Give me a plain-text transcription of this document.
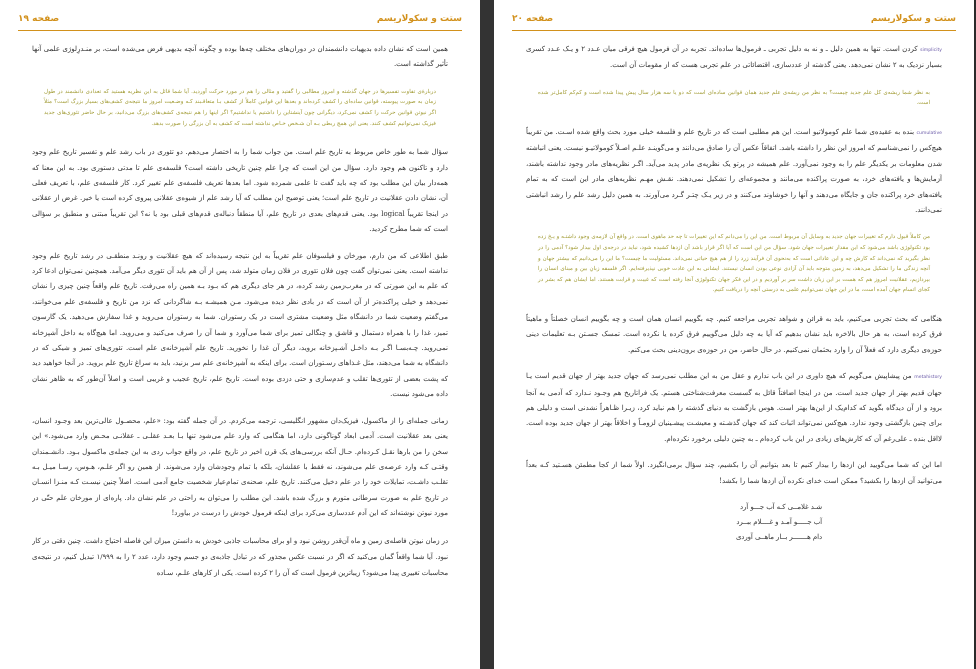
ستت و سکولاریسم
صفحه ۱۹

همین است که نشان داده بدیهیات دانشمندان در دوران‌های مختلف چه‌ها بوده و چگونه آنچه بدیهی فرض می‌شده است، بر منـدرِلوژی علمی آنها تأثیر گذاشته است.

دربارۀی تفاوت تفسیرها در جهان گذشته و امروز مطالبی را گفتید و مثالی را هم در مورد حرکت آوردید. آیا شما قائل به این نظریه هستید که تعداد‌ی دانشمند در طول زمان به صورت پیوسته، قوانین ساده‌ای را کشف کرده‌اند و بعدها این قوانین کاملاً از کشف بـا متعاقـبند کـه وضـعیت امروز ما نتیجه‌ی کشف‌های بسیار بزرگ است؟ مثلاً اگر نیوتن قوانین حرکت را کشف نمی‌کرد، دیگرانی چون آینشتاین را داشتیم یا نداشتیم؟ اگر اینها را هم نتیجه‌ی کشف‌های بزرگ می‌دانید، بر حال حاضر تئوری‌های جدید فیزیک نمی‌توانیم کشف کنند. یعنی این همچ ربطی بـه آن شـخص خـاص نداشته است که کشف به آن بزرگی را صورت بدهد.

سؤال شما به طور خاص مربوط به تاریخ علم است. من جواب شما را به اختصار می‌دهم. دو تئوری در باب رشد علم و تفسیر تاریخ علم وجود دارد و تاکنون هم وجود دارد. سؤال من این است که چرا علم چنین تاریخی داشته است؟ فلسفه‌ی علم تا مدتی دستوری بود. به این معنا که همه‌دار بیان این مطلب بود که چه باید گفت تا علمی شمرده شود. اما بعدها تعریف فلسفه‌ی علم تغییر کرد. کار فلسفه‌ی علم، با تعریف فعلی آن، نشان دادن عقلانیت در تاریخ علم است؛ یعنی توضیح این مطلب که آیا رشد علم از شیوه‌ی عقلانی پیروی کرده است یا خیر. غرض از عقلانی در اینجا تقریباً logical بود. یعنی قدم‌های بعدی در تاریخ علم، آیا منطقاً دنباله‌ی قدم‌های قبلی بود یا نه؟ این تقریباً مبتنی و منطبق بر سؤالی است که شما مطرح کردید.

طبق اطلاعی که من دارم، مورخان و فیلسوفان علم تقریباً به این نتیجه رسیده‌اند که هیچ عقلانیت و رونـد منطقـی در رشد تاریخ علم وجود نداشته است. یعنی نمی‌توان گفت چون فلان تئوری در فلان زمان متولد شد، پس از آن هم باید آن تئوری دیگر می‌آمد. همچنین نمی‌توان ادعا کرد که علم به این صورتی که در مغرب‌زمین رشد کرده، در هر جای دیگری هم که بـود بـه همین راه می‌رفت. تاریخ علم واقعاً چنین چیزی را نشان نمی‌دهد و خیلی پراکنده‌تر از آن است که در بادی نظر دیده می‌شود. مـن همیشـه بـه شاگردانی که نزد من تاریخ و فلسفه‌ی علم می‌خوانند، می‌گفتم وضعیت شما در دانشگاه مثل وضعیت مشتری است در یک رستوران. شما به رستوران می‌روید و غذا سفارش می‌دهید. یک گارسون تمیز، غذا را با همراه دستمال و قاشق و چنگالی تمیز برای شما می‌آورد و شما آن را صرف می‌کنید و می‌روید. اما هیچ‌گاه به داخل آشپزخانه نمی‌روید. چـه‌بسـا اگـر بـه داخـل آشـپزخانه بروید، دیگر آن غذا را نخورید. تاریخ علم آشپزخانه‌ی علم است. تئوری‌های تمیز و شیکی که در دانشگاه به شما می‌دهند، مثل غـذاهای رسـتوران است. برای اینکه به آشپزخانه‌ی علم سر بزنید، باید به سراغ تاریخ علم بروید. در آنجا خواهید دید که پشت بعضی از تئوری‌ها تقلب و عدم‌سازی و حتی دزدی بوده است. تاریخ علم، تاریخ عجیب و غریبی است و اصلاً آن‌طور که به ظاهر نشان داده می‌شود نیست.

زمانی جمله‌ای را از ماکسول، فیزیک‌دان مشهور انگلیسی، ترجمه می‌کردم. در آن جمله گفته بود: «علم، محصـول عالی‌ترین بعد وجـود انسان، یعنی بعد عقلانیت است. آدمی ابعاد گوناگونی دارد، اما هنگامی که وارد علم می‌شود تنها بـا بعـد عقلـی ـ عقلانـی محـض وارد می‌شود.» این سخن را من بارها نقـل کـرده‌ام. حـال آنکه بررسی‌های یک قرن اخیر در تاریخ علم، در واقع جواب ردی به این جمله‌ی ماکسول بـود. دانشـمندان وقتـی کـه وارد عرصه‌ی علم می‌شوند، نه فقط با عقلشان، بلکه با تمام وجودشان وارد می‌شوند. از همین رو اگر علـم، هـوس، رسـا میـل بـه تقلـب داشـت، تمایلات خود را در علم دخیل می‌کنند. تاریخ علم، صحنه‌ی تمام‌عیار شخصیت جامع آدمی است. اصلاً چنین نیسـت کـه منـزا انسـان در تاریخ علم به صورت سرطانی متورم و بزرگ شده باشد. این مطلب را می‌توان به راحتی در علم نشان داد. پاره‌ای از مورخان علم حتّی در مورد نیوتن نوشته‌اند که این آدم عددسازی می‌کرد برای اینکه فرمول خودش را درست در بیاورد!

در زمان نیوتن فاصله‌ی زمین و ماه آن‌قدر روشن نبود و او برای محاسبات جاذبی خودش به دانستن میزان این فاصله احتیاج داشت. چنین دقتی در کار نبود. آیا شما واقعاً گمان می‌کنید که اگر در نسبت عکس مجذور که در تبادل جاذبه‌ی دو جسم وجود دارد، عدد ۲ را به ۱/۹۹۹ تبدیل کنیم، در نتیجه‌ی محاسبات تغییری پیدا می‌شود؟ زیباترین فرمول است که آن را ۲ کرده است. یکی از کارهای علـم، سـاده

ستت و سکولاریسم
صفحه ۲۰

simplicity کردن است. تنها به همین دلیل ـ و نه به دلیل تجربی ـ فرمول‌ها ساده‌اند. تجربه در آن فرمول هیچ فرقی میان عـدد ۲ و یـک عـدد کسری بسیار نزدیک به ۲ نشان نمی‌دهد. یعنی گذشته از عددسازی، اقتضائاتی در علم تجربی هست که از مقومات آن است.

به نظر شما ریشه‌ی کل علم جدید چیست؟ به نظر من ریشه‌ی علم جدید همان قوانین ساده‌ای است که دو یا سه هزار سال پیش پیدا شده است و کم‌کم کامل‌تر شده است.

cumulative بنده به عقیده‌ی شما علم کومولاتیو است. این هم مطلبی است که در تاریخ علم و فلسفه خیلی مورد بحث واقع شده اسـت. من تقریباً هیچ‌کس را نمی‌شناسم که امروز این نظر را داشته باشد. اتفاقاً عکس آن را صادق می‌دانند و می‌گوینـد علـم اصـلاً کومولاتیـو نیست. یعنی انباشته شدن معلومات بر یکدیگر علم را به وجود نمی‌آورد. علم همیشه در پرتو یک نظریه‌ی مادر پدید می‌آید. اگـر نظریه‌های مادر وجود نداشته باشند، آزمایش‌ها و یافته‌های خرد، به صورت پراکنده می‌مانند و مجموعه‌ای را تشکیل نمی‌دهند. نقـش مهـم نظریه‌های مادر این است که به تمام یافته‌های خرد پراکنده جان و جایگاه می‌دهند و آنها را خوشاوند می‌کنند و در زیر یـک چتـر گـرد می‌آورند. به همین دلیل رشد علم را رشد انباشتی نمی‌دانند.

من کاملاً قبول دارم که تغییرات جهان جدید به وسایل آن مربوط است. من این را می‌دانم که این تغییرات تا چه حد ماهوی است. در واقع آن لازمه‌ی وجود داشتـه و یـخ زده بود تکنولوژی باشد می‌شود که این مقدار تغییرات جهان شود. سؤال من این است که آیا اگر قرار باشد آن ازدها کشیده شود، نباید در درجه‌ی اول بیدار شود؟ آدمی را در نظر بگیرید که نمی‌داند که کارش چه و این عاداتی است که به‌نحوی آن فرآیند زرد را از هم هیچ حیاتی نمی‌داند. مسئولیت ما چیست؟ ما این را می‌دانیم که بیشتر جهان و آنچه زندگی ما را تشکیل می‌دهد، به زمین متوجه باید آن آزادی نوعی بودن انسان نیستند. ایشانی به این عادت خوبی نپذیرفته‌ایم. اگر فلسفه زبانِ بین و مبنای انسان را بپردازیم، عقلانیت امروز هم که هست بر این زبان داشت سر بر آوردیم و در این فکر جهان تکنولوژی آنجا رفته است که غیبت و قرابت هستند. اما ایشان هم که بشر در کجای اتسام جهان آمده است، ما در این جهان نمی‌توانیم علمی به درستی آنچه را دریافت کنیم.

هنگامی که بحث تجربی می‌کنیم، باید به قرائن و شواهد تجربی مراجعه کنیم. چه بگوییم انسان همان است و چه بگوییم انسان خصلتاً و ماهیتاً فرق کرده است، به هر حال بالاخره باید نشان بدهیم که آیا به چه دلیل می‌گوییم فرق کرده یا نکرده است. تمسک جسـتن بـه تعلیمات دینی حوزه‌ی دیگری دارد که فعلاً آن را وارد بحثمان نمی‌کنیم. در حال حاضر، من در حوزه‌ی برون‌دینی بحث می‌کنم.

metahistory من پیشاپیش می‌گویم که هیچ داوری در این باب ندارم و عقل من به این مطلب نمی‌رسد که جهان جدید بهتر از جهان قدیم است یـا جهان قدیم بهتر از جهان جدید است. من در اینجا اضافتاً قائل به گسست معرفت‌شناختی هستم. یک فراتاریخ هم وجـود نـدارد که آدمی به آنجا برود و از آن دیدگاه بگوید که کدام‌یک از این‌ها بهتر است. هوس بازگشت به دنیای گذشته را هم نباید کرد، زیـرا ظـاهراً نشدنی است و دلیلی هم برای چنین بازگشتی وجود ندارد. هیچ‌کس نمی‌تواند اثبات کند که جهان گذشـته و معیشـت پیشـینیان لزومـاً و اخلاقاً بهتر از جهان جدید بوده است. لااقل بنده ـ علی‌رغم آن که کارش‌های زیادی در این باب کرده‌ام ـ به چنین دلیلی برخورد نکرده‌ام.

اما این که شما می‌گویید این ازدها را بیدار کنیم تا بعد بتوانیم آن را بکشیم، چند سؤال برمی‌انگیزد. اولاً شما از کجا مطمئن هسـتید کـه بعداً می‌توانید آن ازدها را بکشید؟ ممکن است خدای نکرده آن ازدها شما را بکشد!

شـد غلامــی کـه آب جـــو آرد
آب جـــــو آمـد و غــــلام ببــرد
دام هـــــــر بــار ماهــی آوردی
